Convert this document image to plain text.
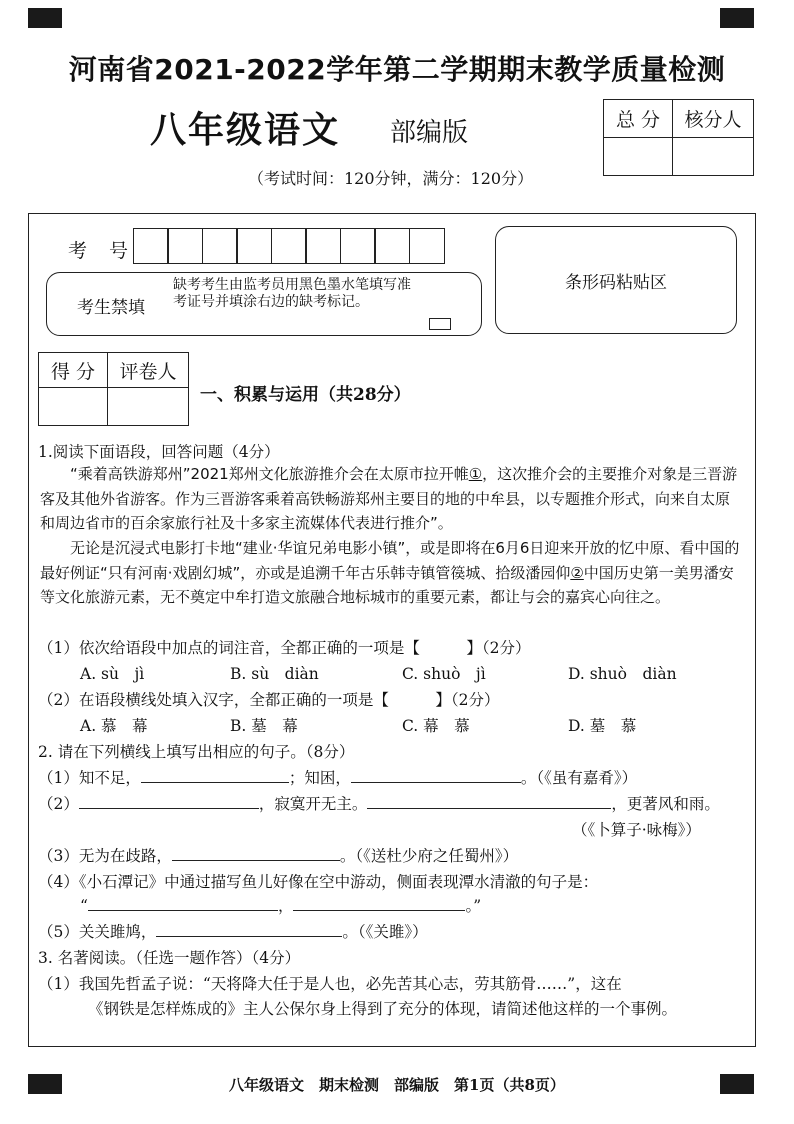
河南省2021-2022学年第二学期期末教学质量检测
八年级语文 部编版
（考试时间：120分钟，满分：120分）
总 分	核分人

考 号
条形码粘贴区
考生禁填
缺考考生由监考员用黑色墨水笔填写准考证号并填涂右边的缺考标记。
得 分	评卷人

一、积累与运用（共28分）
1.阅读下面语段，回答问题（4分）
“乘着高铁游郑州”2021郑州文化旅游推介会在太原市拉开帷①，这次推介会的主要推介对象是三晋游客及其他外省游客。作为三晋游客乘着高铁畅游郑州主要目的地的中牟县，以专题推介形式，向来自太原和周边省市的百余家旅行社及十多家主流媒体代表进行推介”。
无论是沉浸式电影打卡地“建业·华谊兄弟电影小镇”，或是即将在6月6日迎来开放的忆中原、看中国的最好例证“只有河南·戏剧幻城”，亦或是追溯千年古乐韩寺镇管篌城、拾级潘园仰②中国历史第一美男潘安等文化旅游元素，无不奠定中牟打造文旅融合地标城市的重要元素，都让与会的嘉宾心向往之。
（1）依次给语段中加点的词注音，全都正确的一项是【　　　】（2分）
A. sù　jì	B. sù　diàn	C. shuò　jì	D. shuò　diàn
（2）在语段横线处填入汉字，全都正确的一项是【　　　】（2分）
A. 慕　幕	B. 墓　幕	C. 幕　慕	D. 墓　慕
2. 请在下列横线上填写出相应的句子。（8分）
（1）知不足，	；知困，	。（《虽有嘉肴》）
（2）	，寂寞开无主。	，更著风和雨。
（《卜算子·咏梅》）
（3）无为在歧路，	。（《送杜少府之任蜀州》）
（4）《小石潭记》中通过描写鱼儿好像在空中游动，侧面表现潭水清澈的句子是：
“	，	。”
（5）关关雎鸠，	。（《关雎》）
3. 名著阅读。（任选一题作答）（4分）
（1）我国先哲孟子说：“天将降大任于是人也，必先苦其心志，劳其筋骨……”，这在
《钢铁是怎样炼成的》主人公保尔身上得到了充分的体现，请简述他这样的一个事例。
八年级语文　期末检测　部编版　第1页（共8页）
